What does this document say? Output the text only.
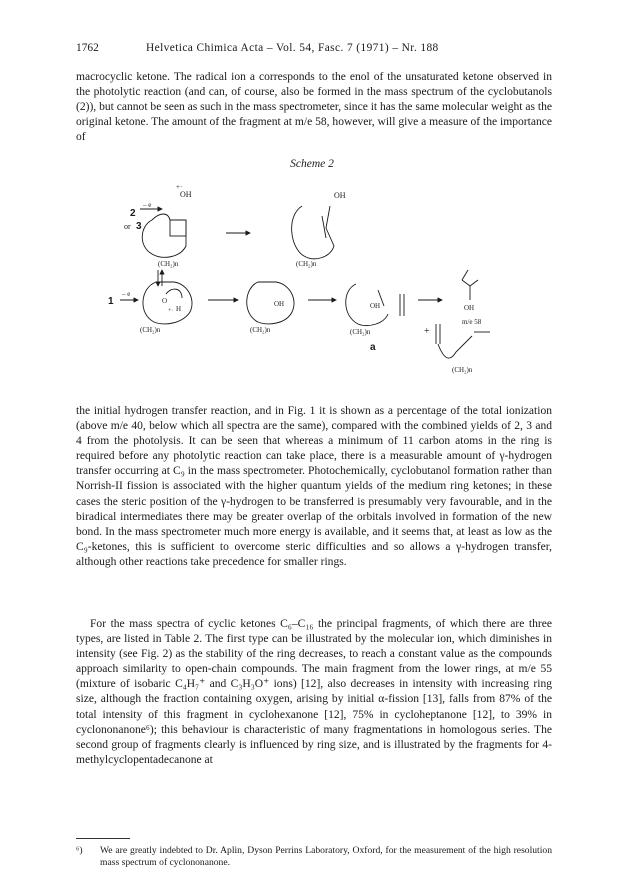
1762	Helvetica Chimica Acta – Vol. 54, Fasc. 7 (1971) – Nr. 188

macrocyclic ketone. The radical ion a corresponds to the enol of the unsaturated ketone observed in the photolytic reaction (and can, of course, also be formed in the mass spectrum of the cyclobutanols (2)), but cannot be seen as such in the mass spectrometer, since it has the same molecular weight as the original ketone. The amount of the fragment at m/e 58, however, will give a measure of the importance of

Scheme 2
2
or 3
– e
+·
OH
(CH₂)n
OH
(CH₂)n
1
– e
O
+· H
(CH₂)n
OH
(CH₂)n
OH
(CH₂)n
a
OH
m/e 58
+
(CH₂)n

the initial hydrogen transfer reaction, and in Fig. 1 it is shown as a percentage of the total ionization (above m/e 40, below which all spectra are the same), compared with the combined yields of 2, 3 and 4 from the photolysis. It can be seen that whereas a minimum of 11 carbon atoms in the ring is required before any photolytic reaction can take place, there is a measurable amount of γ-hydrogen transfer occurring at C₉ in the mass spectrometer. Photochemically, cyclobutanol formation rather than Norrish-II fission is associated with the higher quantum yields of the medium ring ketones; in these cases the steric position of the γ-hydrogen to be transferred is presumably very favourable, and in the biradical intermediates there may be greater overlap of the orbitals involved in formation of the new bond. In the mass spectrometer much more energy is available, and it seems that, at least as low as the C₉-ketones, this is sufficient to overcome steric difficulties and so allows a γ-hydrogen transfer, although other reactions take precedence for smaller rings.

For the mass spectra of cyclic ketones C₆–C₁₆ the principal fragments, of which there are three types, are listed in Table 2. The first type can be illustrated by the molecular ion, which diminishes in intensity (see Fig. 2) as the stability of the ring decreases, to reach a constant value as the compounds approach similarity to open-chain compounds. The main fragment from the lower rings, at m/e 55 (mixture of isobaric C₄H₇⁺ and C₃H₃O⁺ ions) [12], also decreases in intensity with increasing ring size, although the fraction containing oxygen, arising by initial α-fission [13], falls from 87% of the total intensity of this fragment in cyclohexanone [12], 75% in cycloheptanone [12], to 39% in cyclononanone⁶); this behaviour is characteristic of many fragmentations in homologous series. The second group of fragments clearly is influenced by ring size, and is illustrated by the fragments for 4-methylcyclopentadecanone at

⁶) We are greatly indebted to Dr. Aplin, Dyson Perrins Laboratory, Oxford, for the measurement of the high resolution mass spectrum of cyclononanone.
